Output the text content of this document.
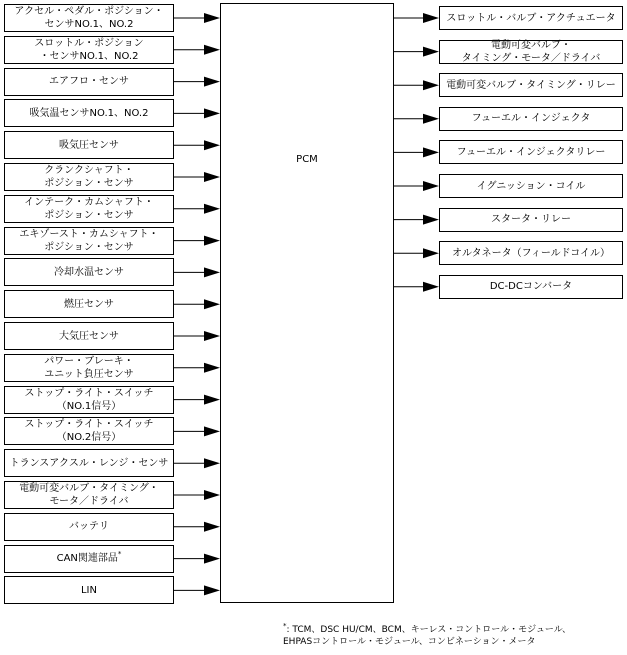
PCM
アクセル・ペダル・ポジション・
センサNO.1、NO.2
スロットル・ポジション
・センサNO.1、NO.2
エアフロ・センサ
吸気温センサNO.1、NO.2
吸気圧センサ
クランクシャフト・
ポジション・センサ
インテーク・カムシャフト・
ポジション・センサ
エキゾースト・カムシャフト・
ポジション・センサ
冷却水温センサ
燃圧センサ
大気圧センサ
パワー・ブレーキ・
ユニット負圧センサ
ストップ・ライト・スイッチ
（NO.1信号）
ストップ・ライト・スイッチ
（NO.2信号）
トランスアクスル・レンジ・センサ
電動可変バルブ・タイミング・
モータ／ドライバ
バッテリ
CAN関連部品 *
LIN
スロットル・バルブ・アクチュエータ
電動可変バルブ・
タイミング・モータ／ドライバ
電動可変バルブ・タイミング・リレー
フューエル・インジェクタ
フューエル・インジェクタリレー
イグニッション・コイル
スタータ・リレー
オルタネータ（フィールドコイル）
DC-DCコンバータ
*: TCM、DSC HU/CM、BCM、キーレス・コントロール・モジュール、
EHPASコントロール・モジュール、コンビネーション・メータ
